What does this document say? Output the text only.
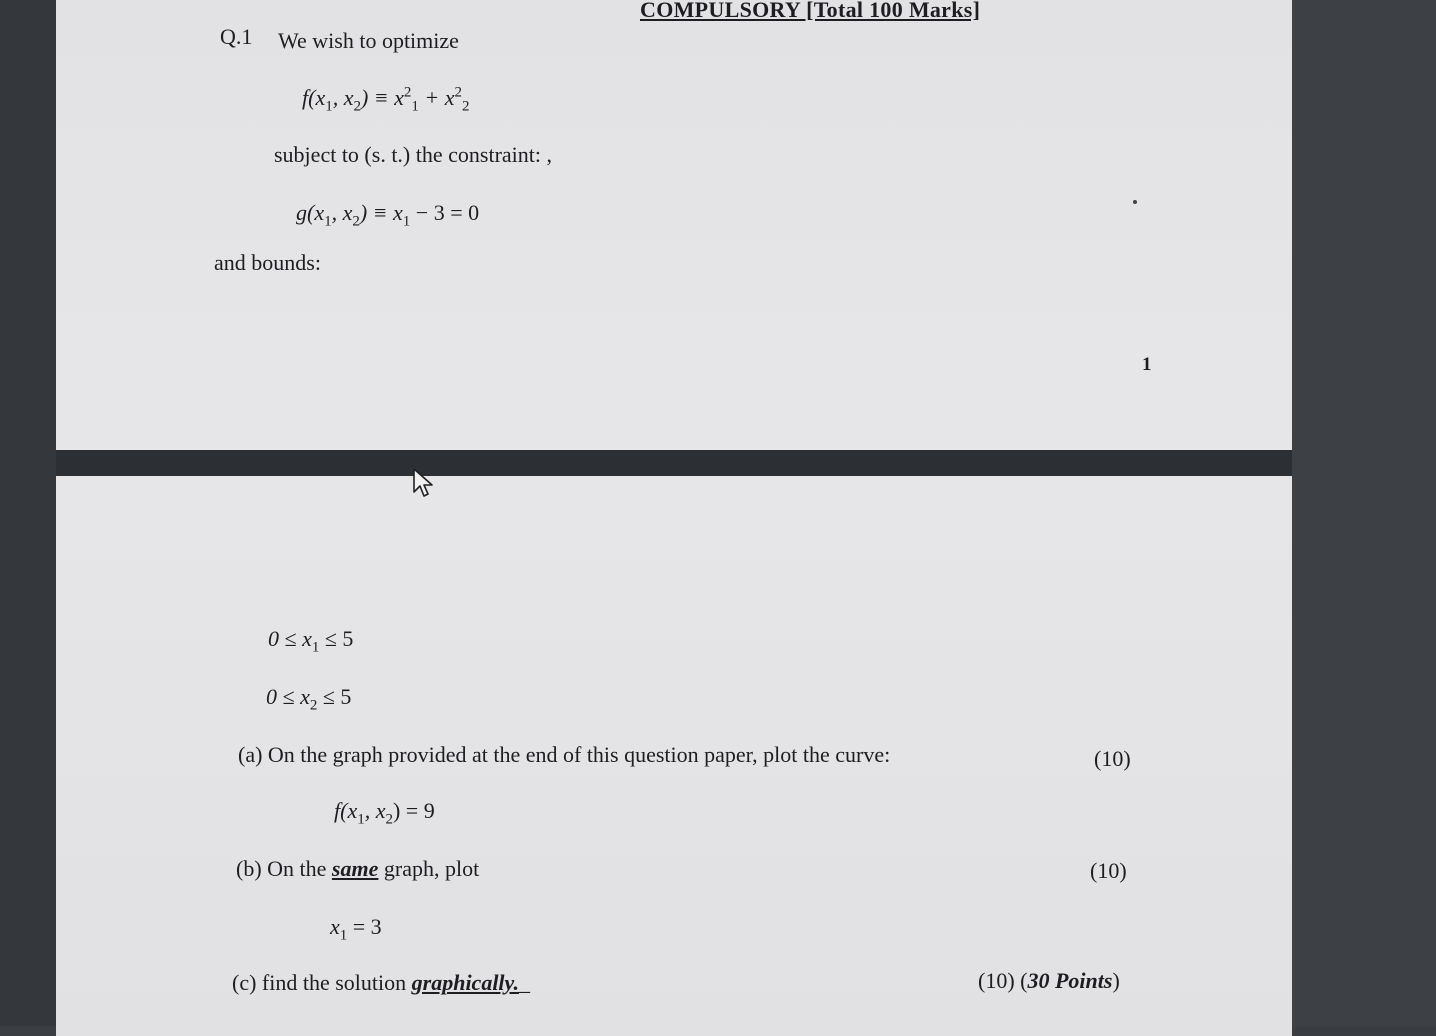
COMPULSORY [Total 100 Marks]
Q.1 We wish to optimize
$f(x_1$, $x_2) \equiv x^2_1 + x^2_2$
subject to (s. t.) the constraint: ,
$g(x_1$, $x_2) \equiv x_1 - 3 = 0$
and bounds:
1
$0 \le x_1 \le 5$
$0 \le x_2 \le 5$
(a) On the graph provided at the end of this question paper, plot the curve:	(10)
$f(x_1$, $x_2) = 9$
(b) On the same graph, plot	(10)
$x_1 = 3$
(c) find the solution graphically._	(10) (30 Points)
